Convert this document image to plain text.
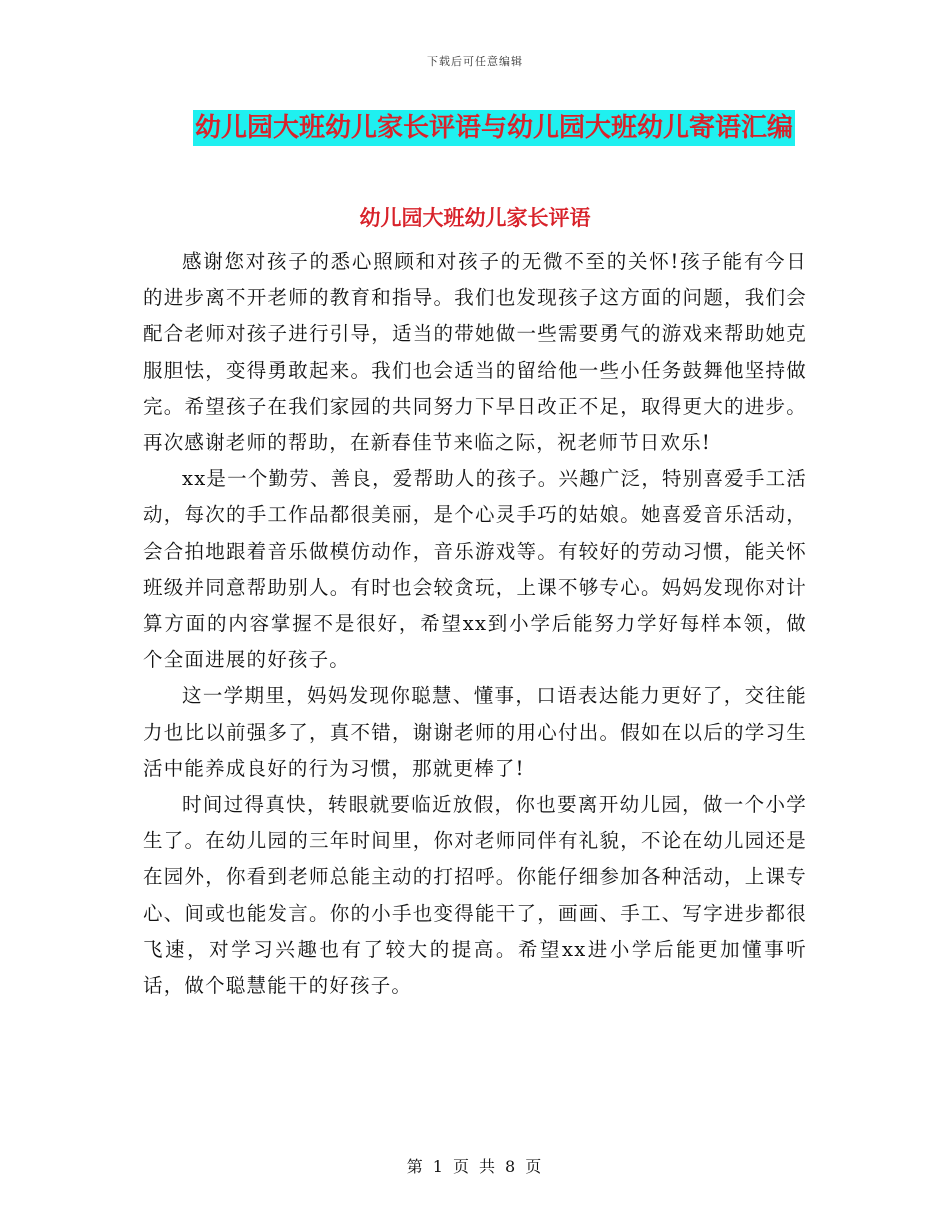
下载后可任意编辑
幼儿园大班幼儿家长评语与幼儿园大班幼儿寄语汇编
幼儿园大班幼儿家长评语

感谢您对孩子的悉心照顾和对孩子的无微不至的关怀!孩子能有今日的进步离不开老师的教育和指导。我们也发现孩子这方面的问题，我们会配合老师对孩子进行引导，适当的带她做一些需要勇气的游戏来帮助她克服胆怯，变得勇敢起来。我们也会适当的留给他一些小任务鼓舞他坚持做完。希望孩子在我们家园的共同努力下早日改正不足，取得更大的进步。再次感谢老师的帮助，在新春佳节来临之际，祝老师节日欢乐!

xx是一个勤劳、善良，爱帮助人的孩子。兴趣广泛，特别喜爱手工活动，每次的手工作品都很美丽，是个心灵手巧的姑娘。她喜爱音乐活动，会合拍地跟着音乐做模仿动作，音乐游戏等。有较好的劳动习惯，能关怀班级并同意帮助别人。有时也会较贪玩，上课不够专心。妈妈发现你对计算方面的内容掌握不是很好，希望xx到小学后能努力学好每样本领，做个全面进展的好孩子。

这一学期里，妈妈发现你聪慧、懂事，口语表达能力更好了，交往能力也比以前强多了，真不错，谢谢老师的用心付出。假如在以后的学习生活中能养成良好的行为习惯，那就更棒了!

时间过得真快，转眼就要临近放假，你也要离开幼儿园，做一个小学生了。在幼儿园的三年时间里，你对老师同伴有礼貌，不论在幼儿园还是在园外，你看到老师总能主动的打招呼。你能仔细参加各种活动，上课专心、间或也能发言。你的小手也变得能干了，画画、手工、写字进步都很飞速，对学习兴趣也有了较大的提高。希望xx进小学后能更加懂事听话，做个聪慧能干的好孩子。

第 1 页 共 8 页
